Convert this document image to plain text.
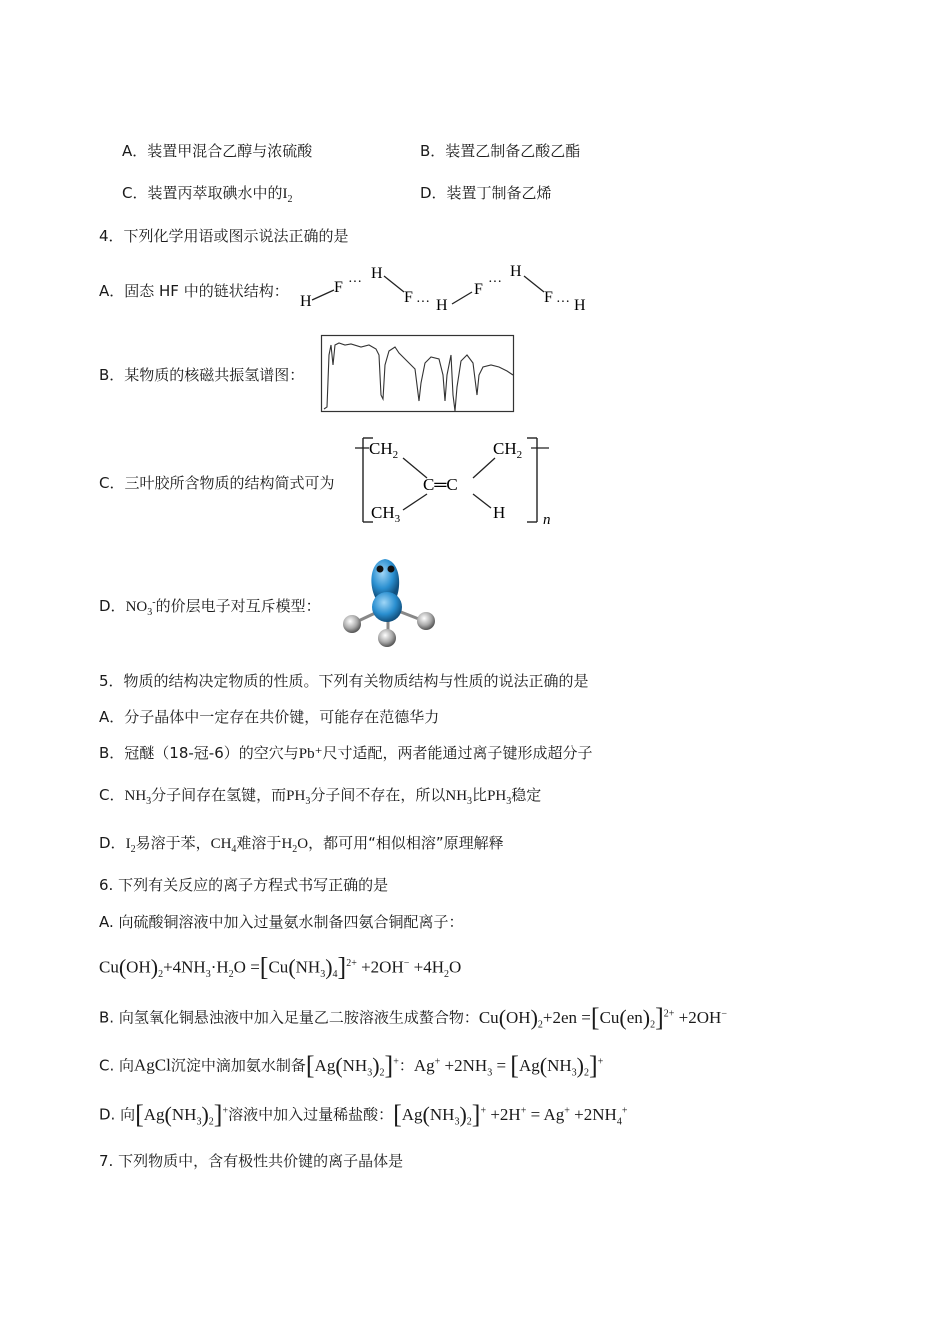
A．装置甲混合乙醇与浓硫酸	B．装置乙制备乙酸乙酯
C．装置丙萃取碘水中的$I_2$	D．装置丁制备乙烯
4．下列化学用语或图示说法正确的是
A．固态 HF 中的链状结构：
H
F ···
H
F ··· H
F ···
H
F ··· H
B．某物质的核磁共振氢谱图：
C．三叶胶所含物质的结构简式可为
$CH_2$
C═C
$CH_3$
$CH_2$
H	n
D．$NO_3^-$的价层电子对互斥模型：
5．物质的结构决定物质的性质。下列有关物质结构与性质的说法正确的是
A．分子晶体中一定存在共价键，可能存在范德华力
B．冠醚（18-冠-6）的空穴与Pb⁺尺寸适配，两者能通过离子键形成超分子
C．$NH_3$分子间存在氢键，而$PH_3$分子间不存在，所以$NH_3$比$PH_3$稳定
D．$I_2$易溶于苯，$CH_4$难溶于$H_2O$，都可用“相似相溶”原理解释
6. 下列有关反应的离子方程式书写正确的是
A. 向硫酸铜溶液中加入过量氨水制备四氨合铜配离子：
$Cu(OH)_2+4NH_3\cdot H_2O =[Cu(NH_3)_4]^{2+} +2OH^- +4H_2O$
B. 向氢氧化铜悬浊液中加入足量乙二胺溶液生成螯合物：$Cu(OH)_2+2en =[Cu(en)_2]^{2+} +2OH^-$
C. 向AgCl沉淀中滴加氨水制备$[Ag(NH_3)_2]^+$：$Ag^+ +2NH_3 = [Ag(NH_3)_2]^+$
D. 向$[Ag(NH_3)_2]^+$溶液中加入过量稀盐酸：$[Ag(NH_3)_2]^+ +2H^+ = Ag^+ +2NH_4^+$
7. 下列物质中，含有极性共价键的离子晶体是
